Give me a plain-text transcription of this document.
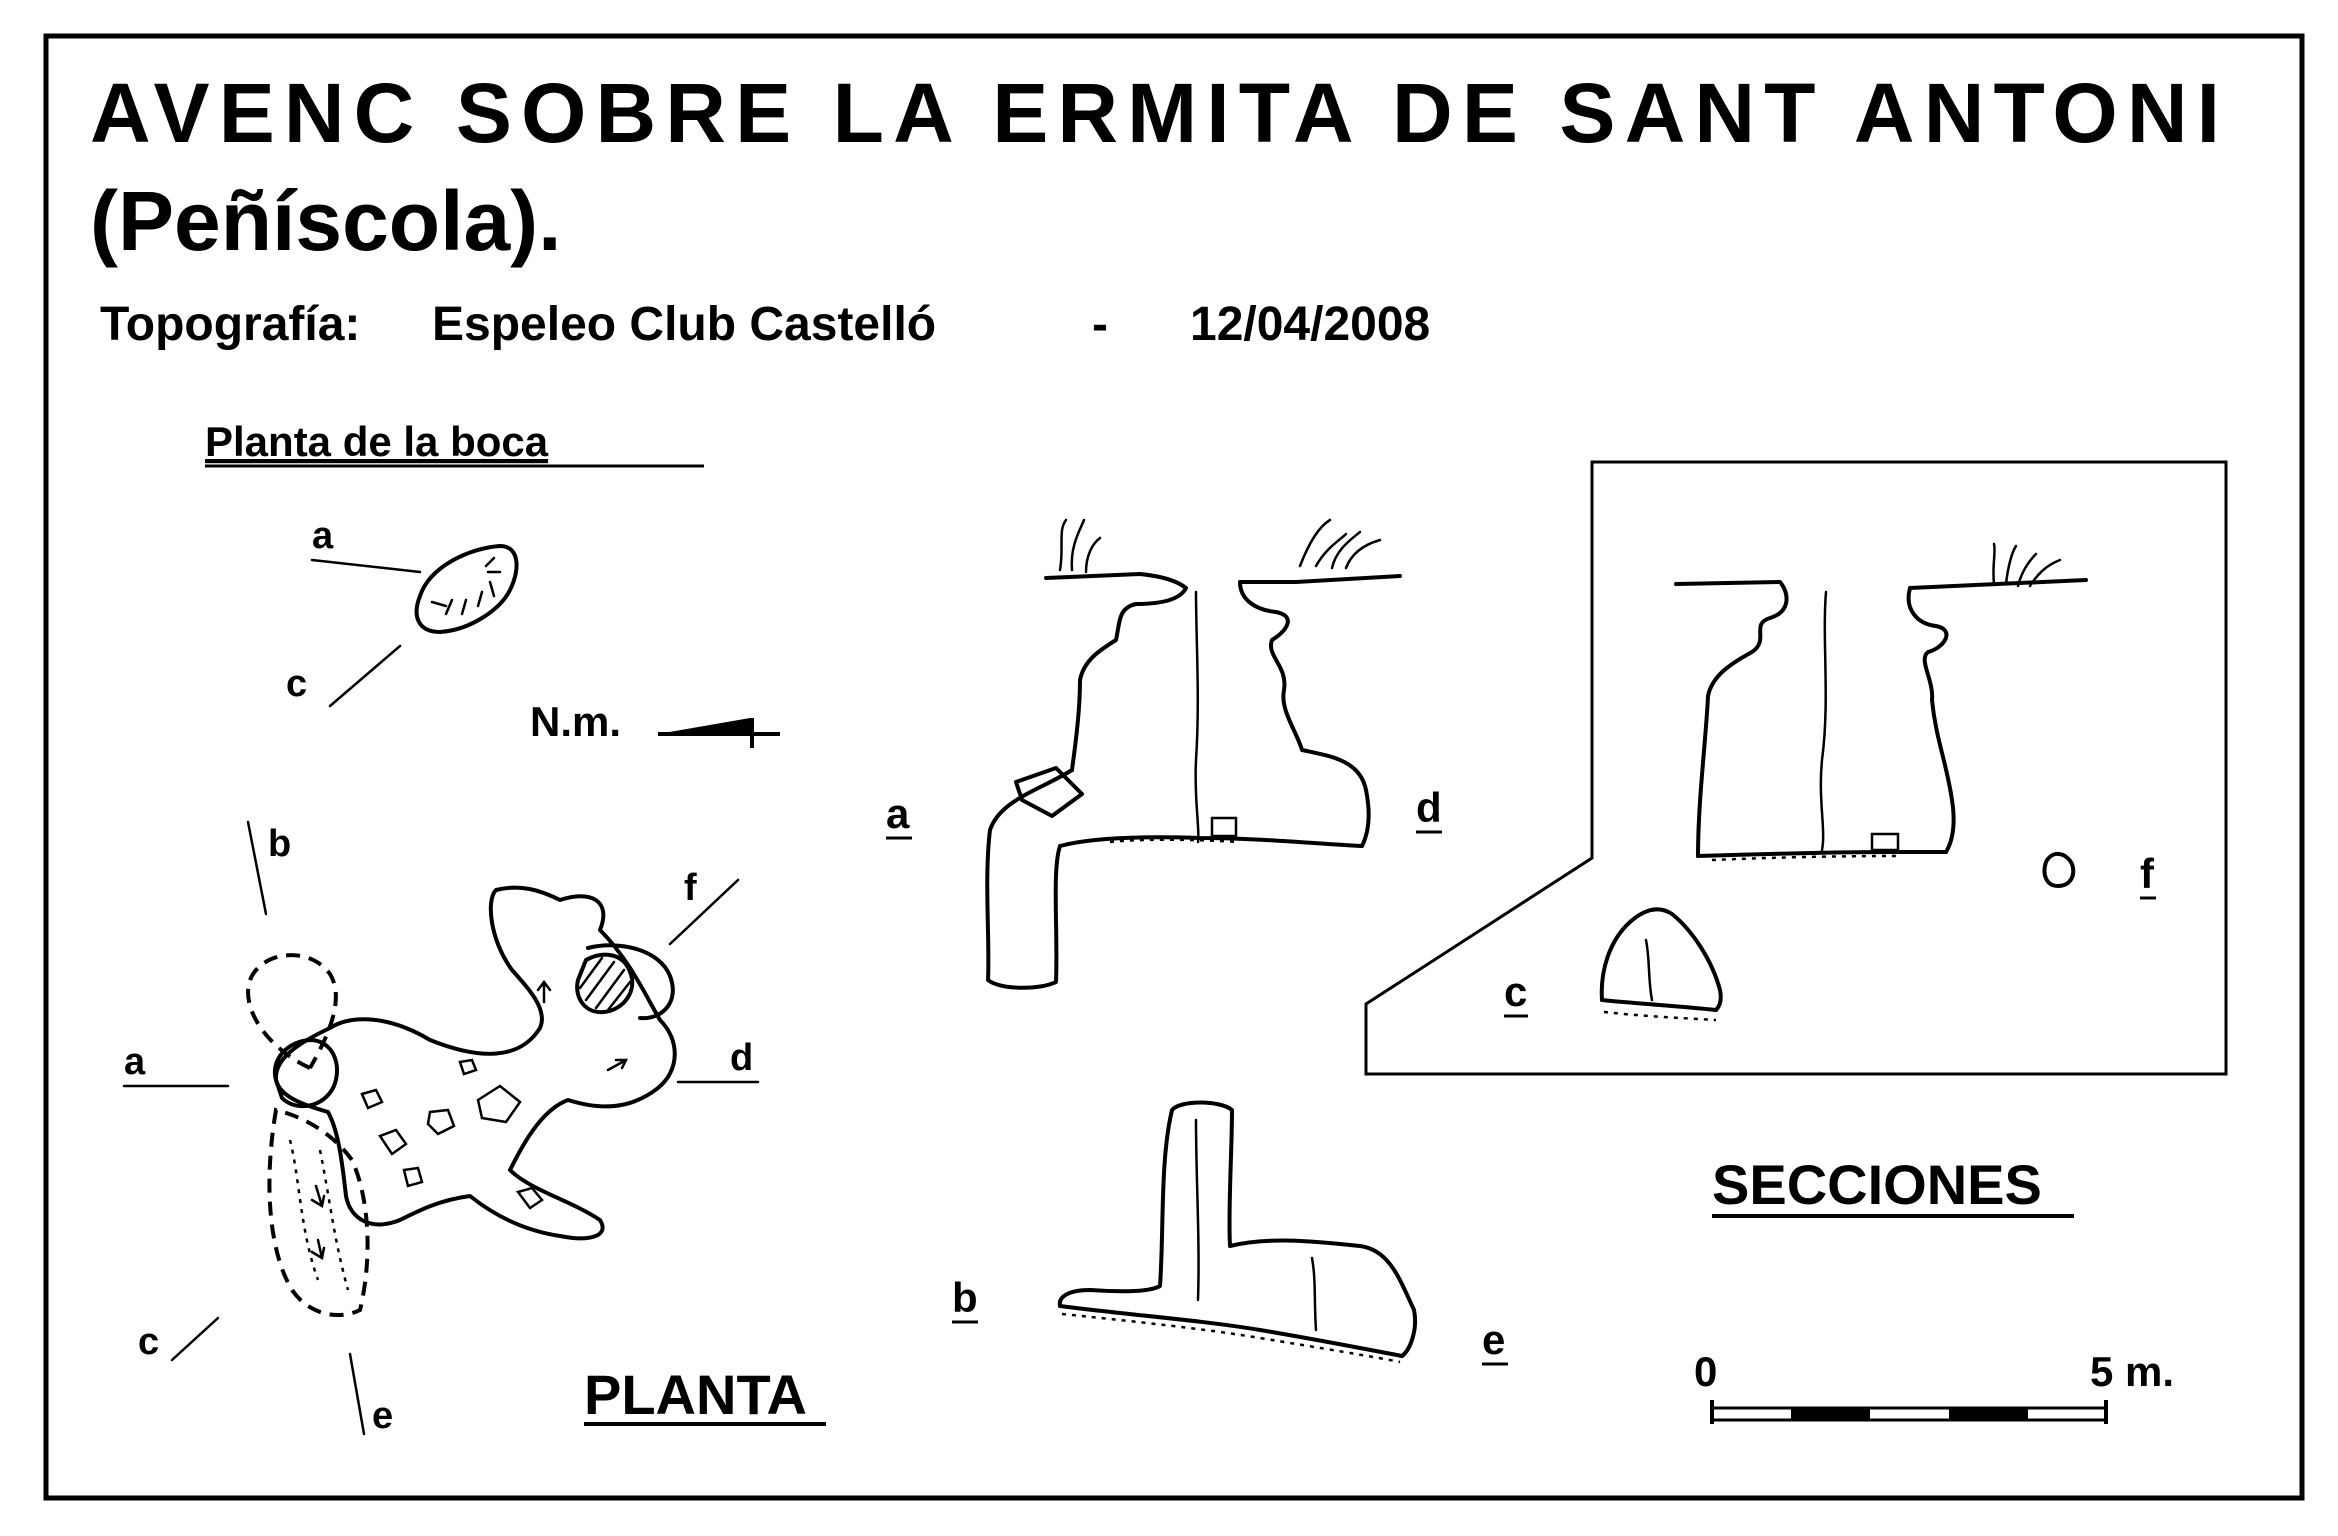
AVENC SOBRE LA ERMITA DE SANT ANTONI
(Peñíscola).
Topografía: Espeleo Club Castelló	- 12/04/2008
Planta de la boca
a
c
N.m.
b
f
a	d
c
e	PLANTA
a	d
b
e
f
c
SECCIONES
0	5 m.
